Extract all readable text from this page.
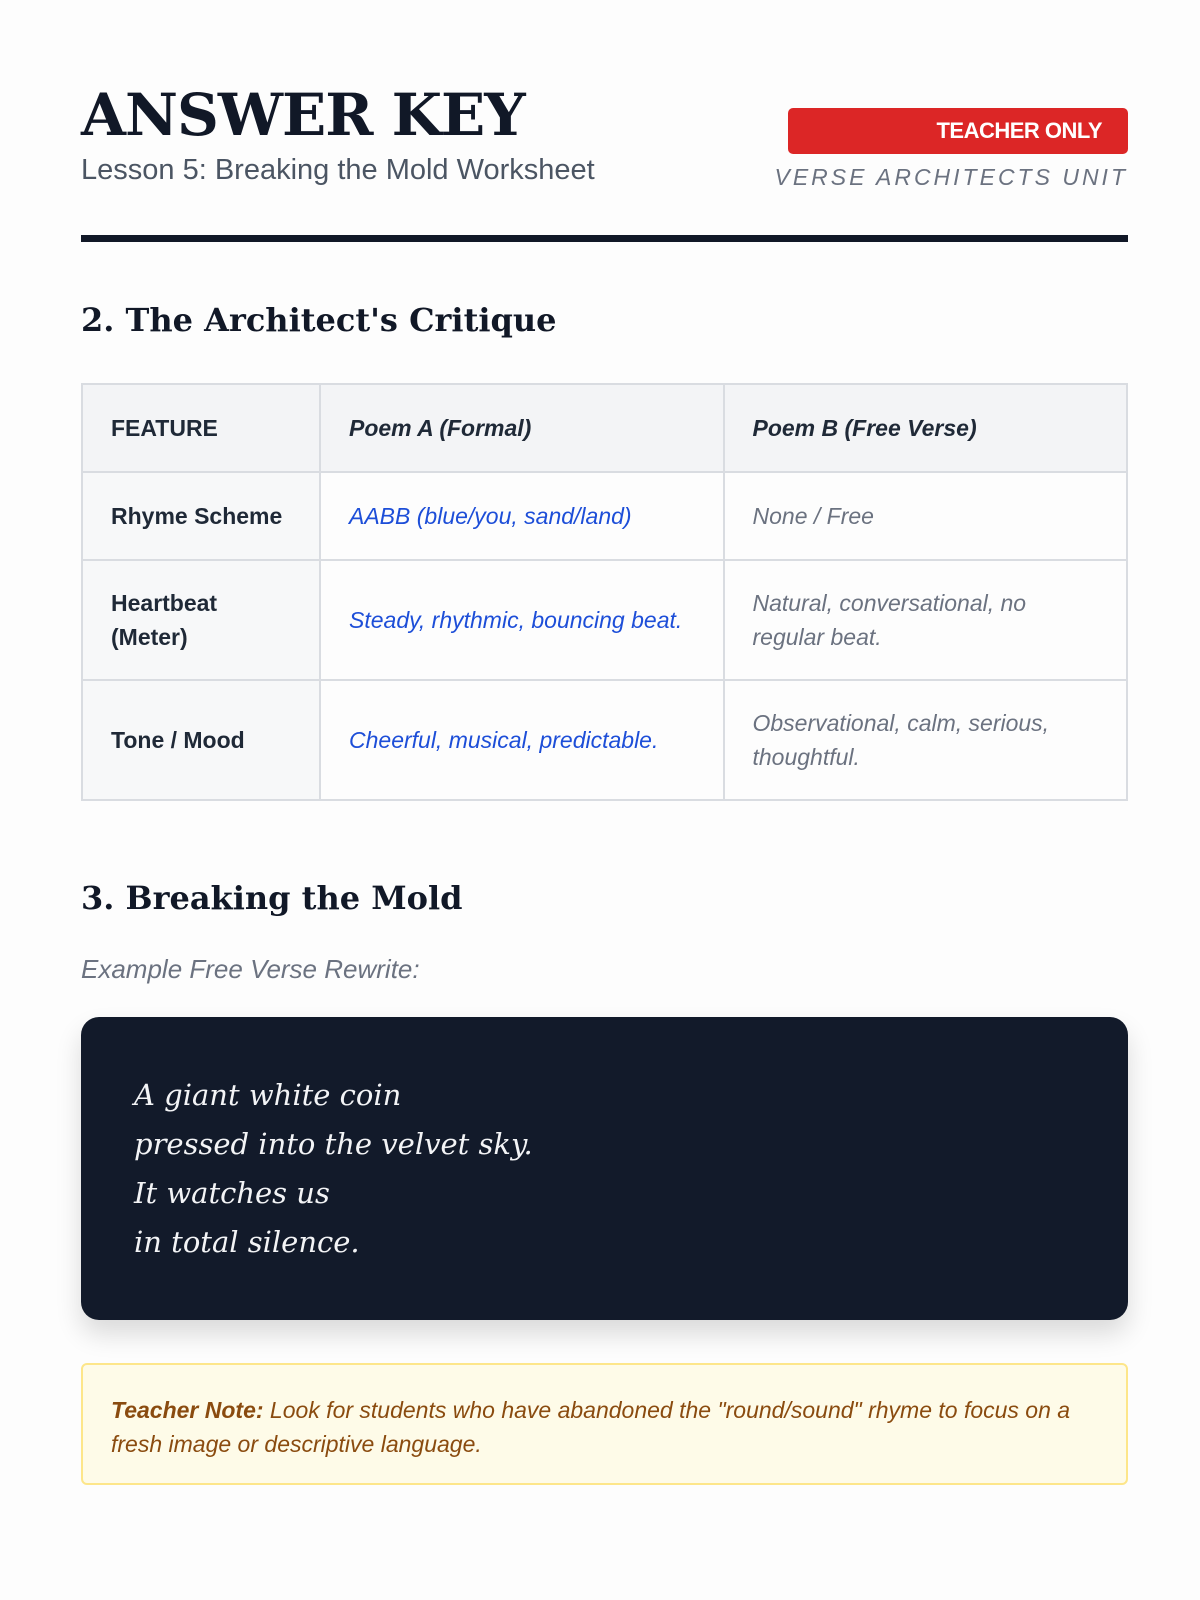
ANSWER KEY
Lesson 5: Breaking the Mold Worksheet
TEACHER ONLY
VERSE ARCHITECTS UNIT
2. The Architect's Critique
FEATURE	Poem A (Formal)	Poem B (Free Verse)
Rhyme Scheme	AABB (blue/you, sand/land)	None / Free
Heartbeat (Meter)	Steady, rhythmic, bouncing beat.	Natural, conversational, no regular beat.
Tone / Mood	Cheerful, musical, predictable.	Observational, calm, serious, thoughtful.
3. Breaking the Mold
Example Free Verse Rewrite:
A giant white coin
pressed into the velvet sky.
It watches us
in total silence.
Teacher Note: Look for students who have abandoned the "round/sound" rhyme to focus on a fresh image or descriptive language.
